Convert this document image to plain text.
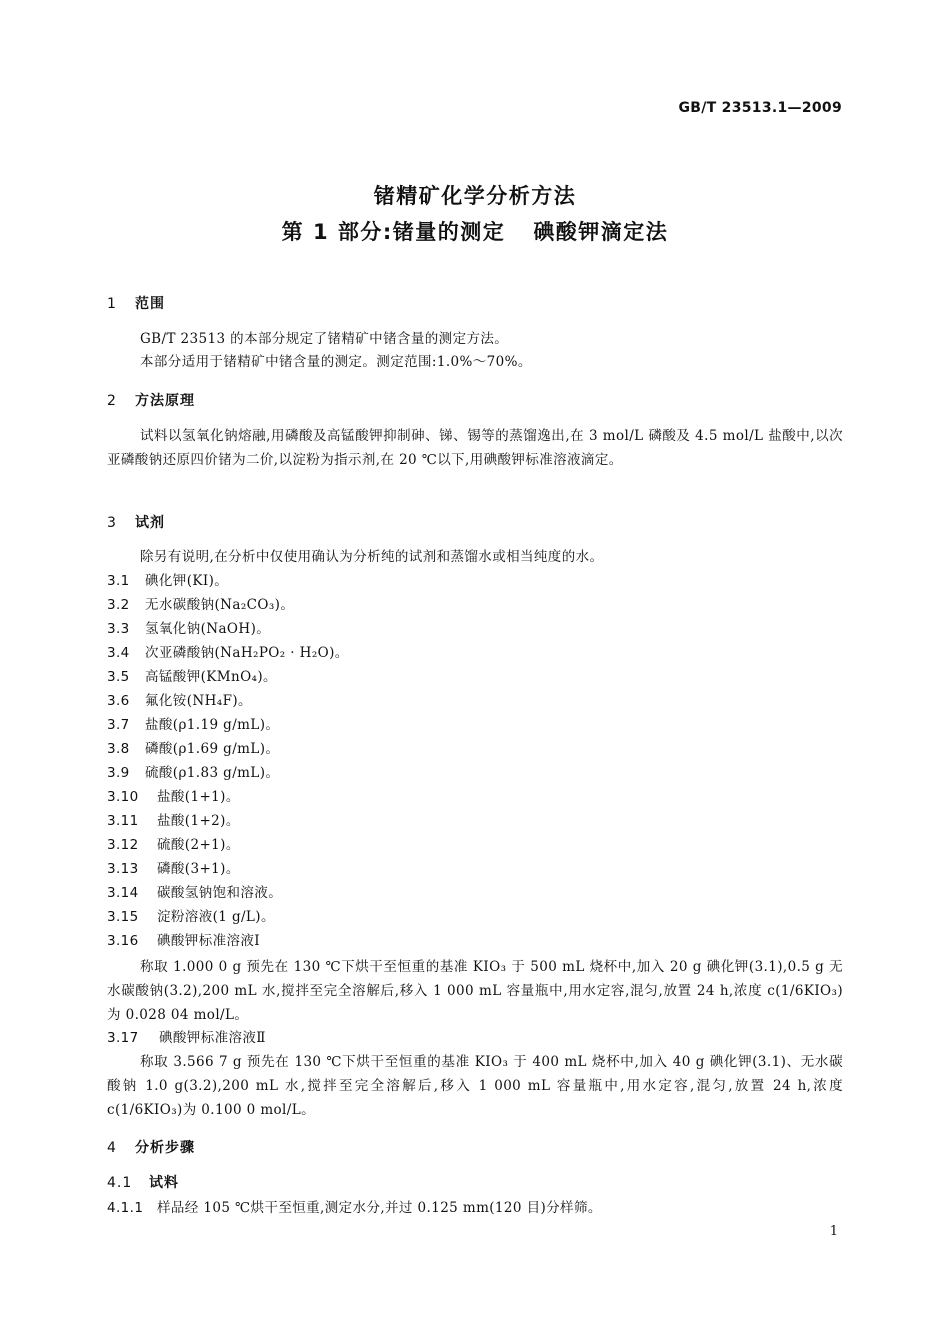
GB/T 23513.1—2009
锗精矿化学分析方法
第 1 部分:锗量的测定 碘酸钾滴定法
1 范围
GB/T 23513 的本部分规定了锗精矿中锗含量的测定方法。
本部分适用于锗精矿中锗含量的测定。测定范围:1.0%～70%。
2 方法原理
试料以氢氧化钠熔融,用磷酸及高锰酸钾抑制砷、锑、锡等的蒸馏逸出,在 3 mol/L 磷酸及 4.5 mol/L 盐酸中,以次亚磷酸钠还原四价锗为二价,以淀粉为指示剂,在 20 ℃以下,用碘酸钾标准溶液滴定。
3 试剂
除另有说明,在分析中仅使用确认为分析纯的试剂和蒸馏水或相当纯度的水。
3.1 碘化钾(KI)。
3.2 无水碳酸钠(Na₂CO₃)。
3.3 氢氧化钠(NaOH)。
3.4 次亚磷酸钠(NaH₂PO₂ · H₂O)。
3.5 高锰酸钾(KMnO₄)。
3.6 氟化铵(NH₄F)。
3.7 盐酸(ρ1.19 g/mL)。
3.8 磷酸(ρ1.69 g/mL)。
3.9 硫酸(ρ1.83 g/mL)。
3.10 盐酸(1+1)。
3.11 盐酸(1+2)。
3.12 硫酸(2+1)。
3.13 磷酸(3+1)。
3.14 碳酸氢钠饱和溶液。
3.15 淀粉溶液(1 g/L)。
3.16 碘酸钾标准溶液Ⅰ
称取 1.000 0 g 预先在 130 ℃下烘干至恒重的基准 KIO₃ 于 500 mL 烧杯中,加入 20 g 碘化钾(3.1),0.5 g 无水碳酸钠(3.2),200 mL 水,搅拌至完全溶解后,移入 1 000 mL 容量瓶中,用水定容,混匀,放置 24 h,浓度 c(1/6KIO₃)为 0.028 04 mol/L。
3.17 碘酸钾标准溶液Ⅱ
称取 3.566 7 g 预先在 130 ℃下烘干至恒重的基准 KIO₃ 于 400 mL 烧杯中,加入 40 g 碘化钾(3.1)、无水碳酸钠 1.0 g(3.2),200 mL 水,搅拌至完全溶解后,移入 1 000 mL 容量瓶中,用水定容,混匀,放置 24 h,浓度 c(1/6KIO₃)为 0.100 0 mol/L。
4 分析步骤
4.1 试料
4.1.1 样品经 105 ℃烘干至恒重,测定水分,并过 0.125 mm(120 目)分样筛。
1
